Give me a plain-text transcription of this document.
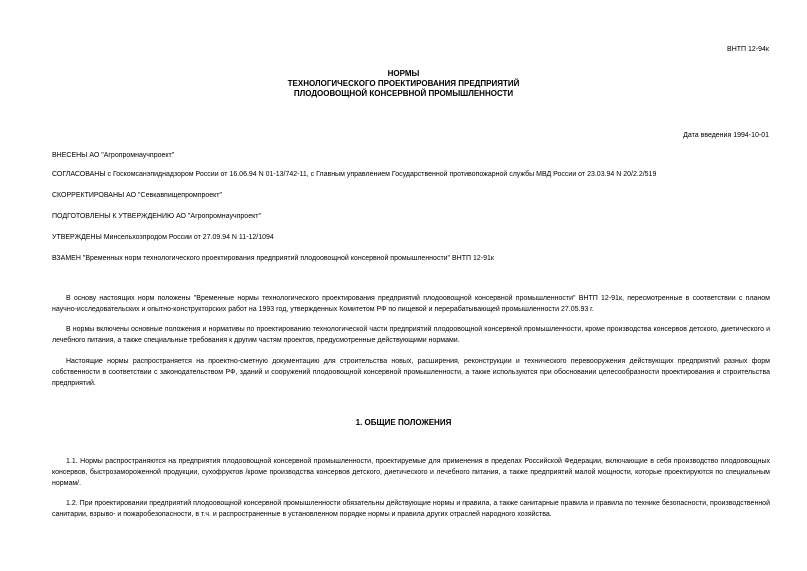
ВНТП 12-94к
НОРМЫ
ТЕХНОЛОГИЧЕСКОГО ПРОЕКТИРОВАНИЯ ПРЕДПРИЯТИЙ
ПЛОДООВОЩНОЙ КОНСЕРВНОЙ ПРОМЫШЛЕННОСТИ
Дата введения 1994-10-01
ВНЕСЕНЫ АО "Агропромнаучпроект"
СОГЛАСОВАНЫ с Госкомсанэпиднадзором России от 16.06.94 N 01-13/742-11, с Главным управлением Государственной противопожарной службы МВД России от 23.03.94 N 20/2.2/519
СКОРРЕКТИРОВАНЫ АО "Севкавпищепромпроект"
ПОДГОТОВЛЕНЫ К УТВЕРЖДЕНИЮ АО "Агропромнаучпроект"
УТВЕРЖДЕНЫ Минсельхозпродом России от 27.09.94 N 11-12/1094
ВЗАМЕН "Временных норм технологического проектирования предприятий плодоовощной консервной промышленности" ВНТП 12-91к
В основу настоящих норм положены "Временные нормы технологического проектирования предприятий плодоовощной консервной промышленности" ВНТП 12-91к, пересмотренные в соответствии с планом научно-исследовательских и опытно-конструкторских работ на 1993 год, утвержденных Комитетом РФ по пищевой и перерабатывающей промышленности 27.05.93 г.
В нормы включены основные положения и нормативы по проектированию технологической части предприятий плодоовощной консервной промышленности, кроме производства консервов детского, диетического и лечебного питания, а также специальные требования к другим частям проектов, предусмотренные действующими нормами.
Настоящие нормы распространяется на проектно-сметную документацию для строительства новых, расширения, реконструкции и технического перевооружения действующих предприятий разных форм собственности в соответствии с законодательством РФ, зданий и сооружений плодоовощной консервной промышленности, а также используются при обосновании целесообразности проектирования и строительства предприятий.
1. ОБЩИЕ ПОЛОЖЕНИЯ
1.1. Нормы распространяются на предприятия плодоовощной консервной промышленности, проектируемые для применения в пределах Российской Федерации, включающие в себя производство плодоовощных консервов, быстрозамороженной продукции, сухофруктов /кроме производства консервов детского, диетического и лечебного питания, а также предприятий малой мощности, которые проектируются по специальным нормам/.
1.2. При проектировании предприятий плодоовощной консервной промышленности обязательны действующие нормы и правила, а также санитарные правила и правила по технике безопасности, производственной санитарии, взрыво- и пожаробезопасности, в т.ч. и распространенные в установленном порядке нормы и правила других отраслей народного хозяйства.
